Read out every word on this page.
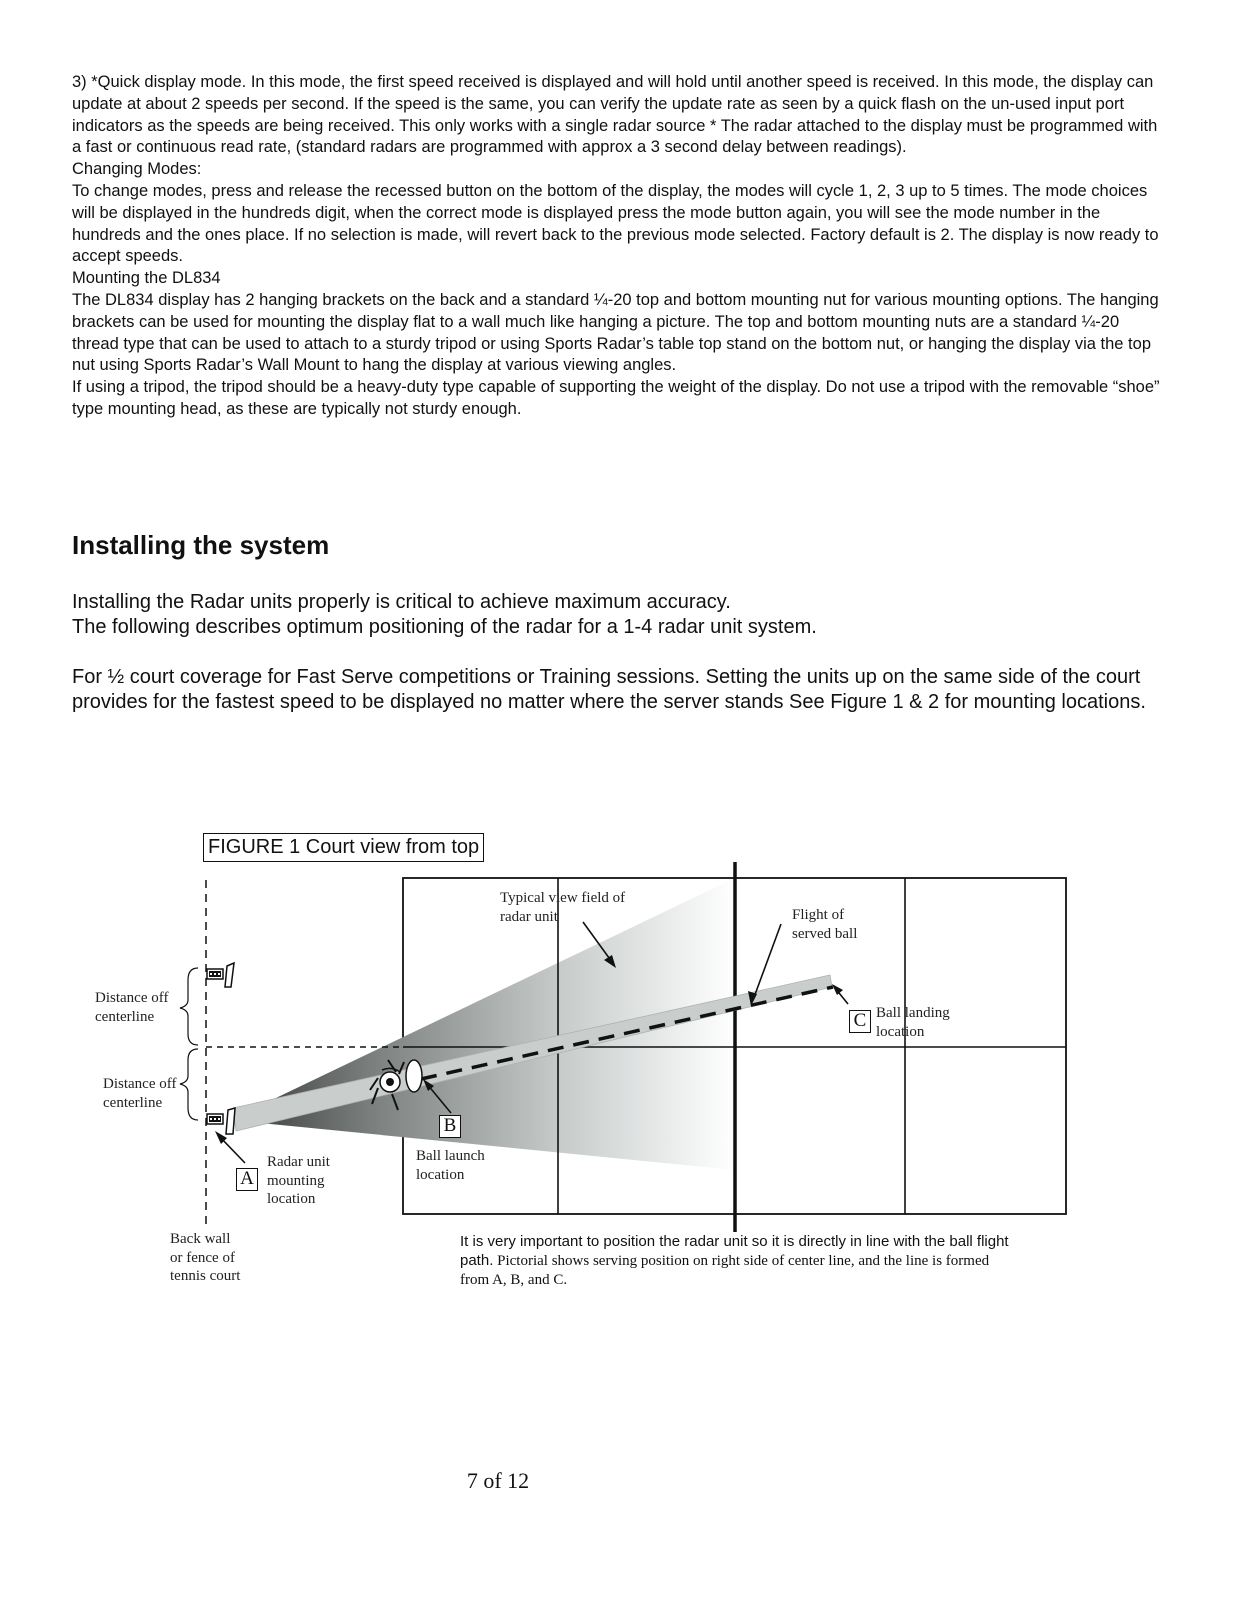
3) *Quick display mode. In this mode, the first speed received is displayed and will hold until another speed is received. In this mode, the display can update at about 2 speeds per second. If the speed is the same, you can verify the update rate as seen by a quick flash on the un-used input port indicators as the speeds are being received. This only works with a single radar source * The radar attached to the display must be programmed with a fast or continuous read rate, (standard radars are programmed with approx a 3 second delay between readings).

Changing Modes:

To change modes, press and release the recessed button on the bottom of the display, the modes will cycle 1, 2, 3 up to 5 times. The mode choices will be displayed in the hundreds digit, when the correct mode is displayed press the mode button again, you will see the mode number in the hundreds and the ones place. If no selection is made, will revert back to the previous mode selected. Factory default is 2. The display is now ready to accept speeds.

Mounting the DL834

The DL834 display has 2 hanging brackets on the back and a standard ¼-20 top and bottom mounting nut for various mounting options. The hanging brackets can be used for mounting the display flat to a wall much like hanging a picture. The top and bottom mounting nuts are a standard ¼-20 thread type that can be used to attach to a sturdy tripod or using Sports Radar’s table top stand on the bottom nut, or hanging the display via the top nut using Sports Radar’s Wall Mount to hang the display at various viewing angles.

If using a tripod, the tripod should be a heavy-duty type capable of supporting the weight of the display. Do not use a tripod with the removable “shoe” type mounting head, as these are typically not sturdy enough.

Installing the system

Installing the Radar units properly is critical to achieve maximum accuracy.

The following describes optimum positioning of the radar for a 1-4 radar unit system.

For ½ court coverage for Fast Serve competitions or Training sessions. Setting the units up on the same side of the court provides for the fastest speed to be displayed no matter where the server stands See Figure 1 & 2 for mounting locations.

FIGURE 1 Court view from top
Typical view field of
radar unit	Flight of
served ball
Ball landing
location
Distance off
centerline
Distance off
centerline
Ball launch
location
Radar unit
mounting
location
Back wall
or fence of
tennis court
A
B
C
It is very important to position the radar unit so it is directly in line with the ball flight
path. Pictorial shows serving position on right side of center line, and the line is formed
from A, B, and C.
7 of 12
